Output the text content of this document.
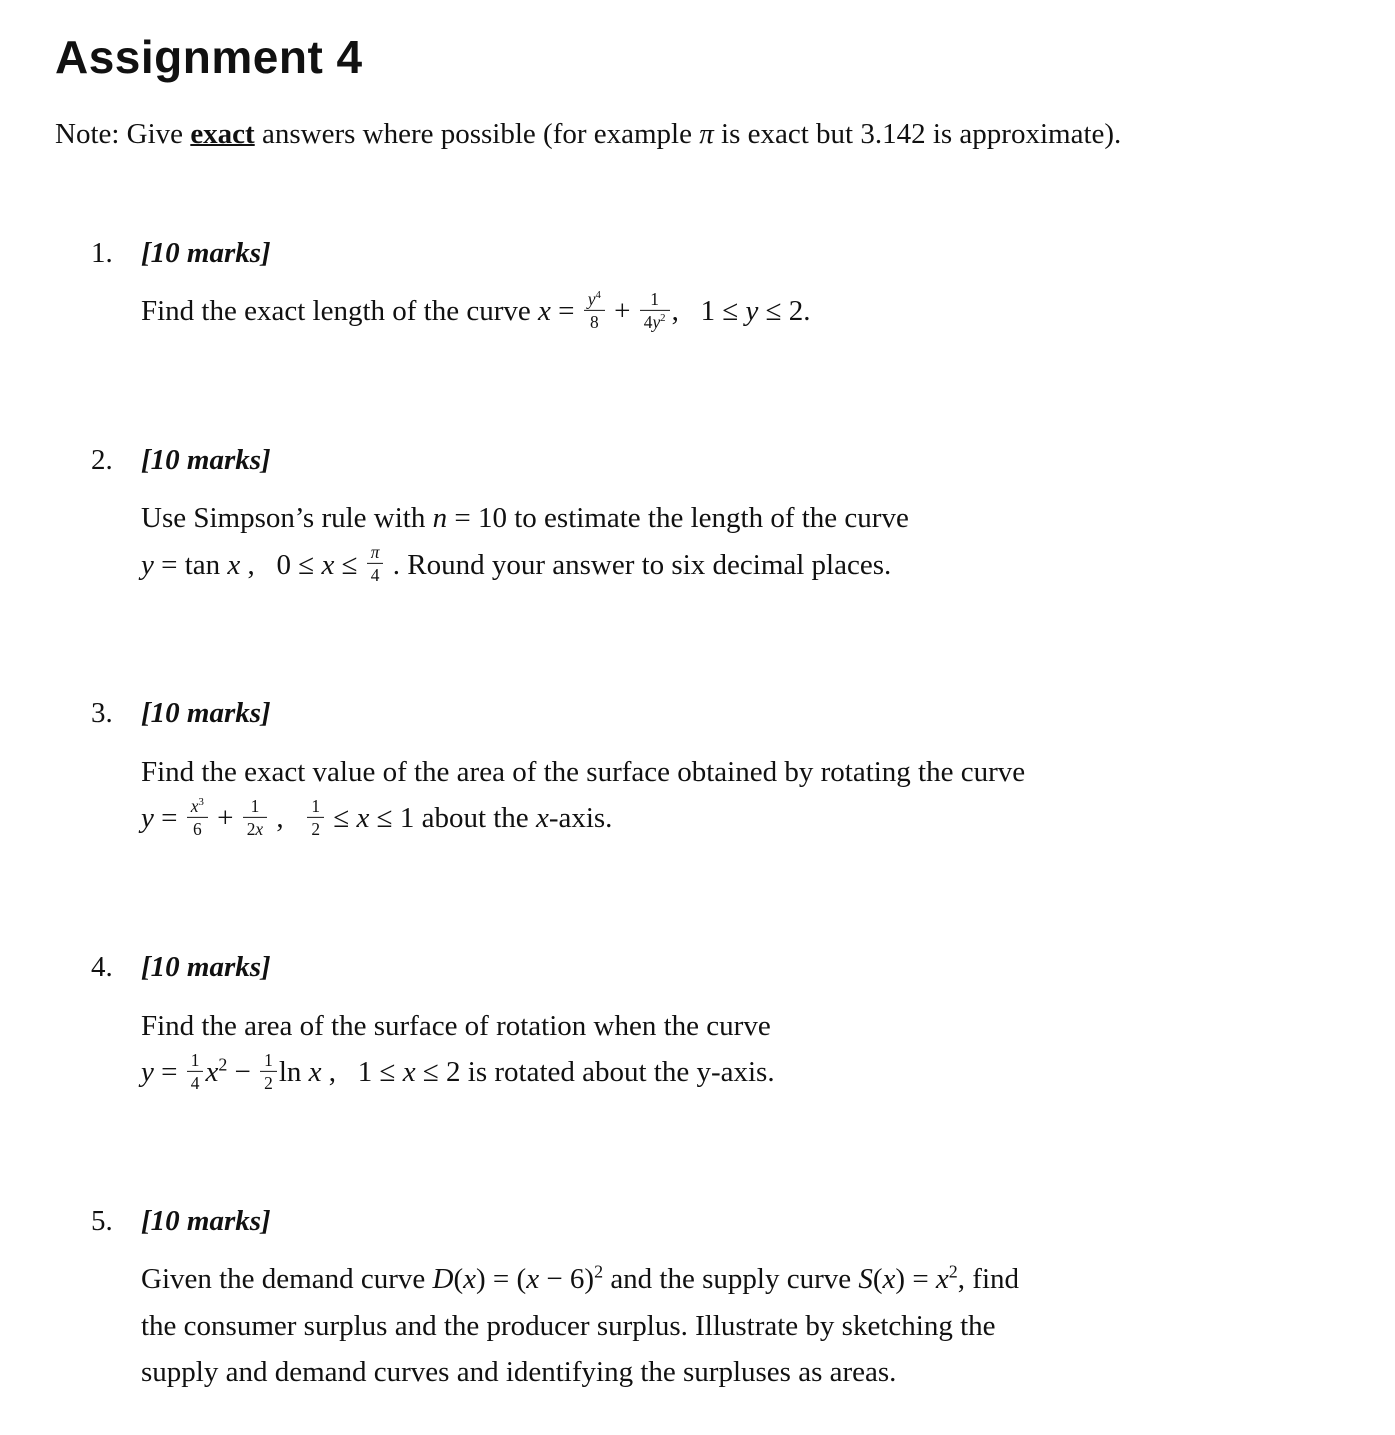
Assignment 4

Note: Give exact answers where possible (for example π is exact but 3.142 is approximate).

1. [10 marks]
Find the exact length of the curve $x = \frac{y^4}{8} + \frac{1}{4y^2}$ ,   1 ≤ y ≤ 2.
2. [10 marks]
Use Simpson’s rule with n = 10 to estimate the length of the curve
y = tan x ,   $0 \le x \le \frac{\pi}{4}$ . Round your answer to six decimal places.
3. [10 marks]
Find the exact value of the area of the surface obtained by rotating the curve
$y = \frac{x^3}{6} + \frac{1}{2x}$ , $\frac{1}{2} \le x \le 1$ about the x-axis.
4. [10 marks]
Find the area of the surface of rotation when the curve
$y = \frac{1}{4} x^2 - \frac{1}{2}$ ln x ,   1 ≤ x ≤ 2 is rotated about the y-axis.
5. [10 marks]
Given the demand curve $D(x) = (x - 6)^2$ and the supply curve $S(x) = x^2$, find
the consumer surplus and the producer surplus. Illustrate by sketching the
supply and demand curves and identifying the surpluses as areas.
